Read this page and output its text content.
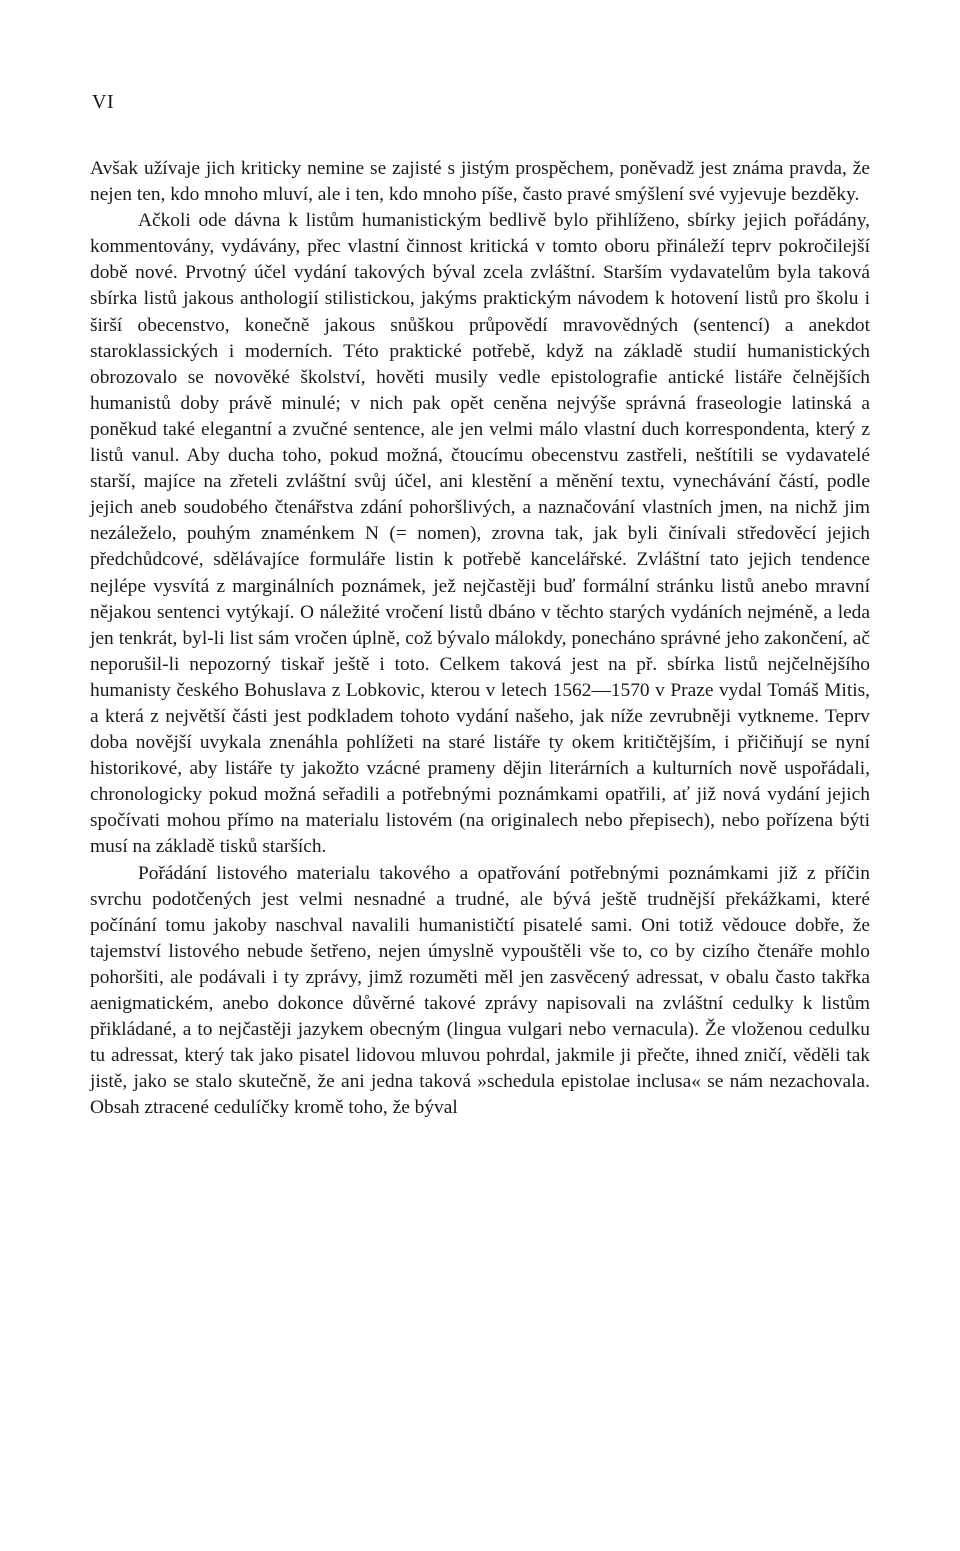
VI

Avšak užívaje jich kriticky nemine se zajisté s jistým prospěchem, poněvadž jest známa pravda, že nejen ten, kdo mnoho mluví, ale i ten, kdo mnoho píše, často pravé smýšlení své vyjevuje bezděky.

Ačkoli ode dávna k listům humanistickým bedlivě bylo přihlíženo, sbírky jejich pořádány, kommentovány, vydávány, přec vlastní činnost kritická v tomto oboru přináleží teprv pokročilejší době nové. Prvotný účel vydání takových býval zcela zvláštní. Starším vydavatelům byla taková sbírka listů jakous anthologií stilistickou, jakýms praktickým návodem k hotovení listů pro školu i širší obecenstvo, konečně jakous snůškou průpovědí mravovědných (sentencí) a anekdot staroklassických i moderních. Této praktické potřebě, když na základě studií humanistických obrozovalo se novověké školství, hověti musily vedle epistolografie antické listáře čelnějších humanistů doby právě minulé; v nich pak opět ceněna nejvýše správná fraseologie latinská a poněkud také elegantní a zvučné sentence, ale jen velmi málo vlastní duch korrespondenta, který z listů vanul. Aby ducha toho, pokud možná, čtoucímu obecenstvu zastřeli, neštítili se vydavatelé starší, majíce na zřeteli zvláštní svůj účel, ani klestění a měnění textu, vynechávání částí, podle jejich aneb soudobého čtenářstva zdání pohoršlivých, a naznačování vlastních jmen, na nichž jim nezáleželo, pouhým znaménkem N (= nomen), zrovna tak, jak byli činívali středověcí jejich předchůdcové, sdělávajíce formuláře listin k potřebě kancelářské. Zvláštní tato jejich tendence nejlépe vysvítá z marginálních poznámek, jež nejčastěji buď formální stránku listů anebo mravní nějakou sentenci vytýkají. O náležité vročení listů dbáno v těchto starých vydáních nejméně, a leda jen tenkrát, byl-li list sám vročen úplně, což bývalo málokdy, ponecháno správné jeho zakončení, ač neporušil-li nepozorný tiskař ještě i toto. Celkem taková jest na př. sbírka listů nejčelnějšího humanisty českého Bohuslava z Lobkovic, kterou v letech 1562—1570 v Praze vydal Tomáš Mitis, a která z největší části jest podkladem tohoto vydání našeho, jak níže zevrubněji vytkneme. Teprv doba novější uvykala znenáhla pohlížeti na staré listáře ty okem kritičtějším, i přičiňují se nyní historikové, aby listáře ty jakožto vzácné prameny dějin literárních a kulturních nově uspořádali, chronologicky pokud možná seřadili a potřebnými poznámkami opatřili, ať již nová vydání jejich spočívati mohou přímo na materialu listovém (na originalech nebo přepisech), nebo pořízena býti musí na základě tisků starších.

Pořádání listového materialu takového a opatřování potřebnými poznámkami již z příčin svrchu podotčených jest velmi nesnadné a trudné, ale bývá ještě trudnější překážkami, které počínání tomu jakoby naschval navalili humanističtí pisatelé sami. Oni totiž vědouce dobře, že tajemství listového nebude šetřeno, nejen úmyslně vypouštěli vše to, co by cizího čtenáře mohlo pohoršiti, ale podávali i ty zprávy, jimž rozuměti měl jen zasvěcený adressat, v obalu často takřka aenigmatickém, anebo dokonce důvěrné takové zprávy napisovali na zvláštní cedulky k listům přikládané, a to nejčastěji jazykem obecným (lingua vulgari nebo vernacula). Že vloženou cedulku tu adressat, který tak jako pisatel lidovou mluvou pohrdal, jakmile ji přečte, ihned zničí, věděli tak jistě, jako se stalo skutečně, že ani jedna taková »schedula epistolae inclusa« se nám nezachovala. Obsah ztracené cedulíčky kromě toho, že býval
